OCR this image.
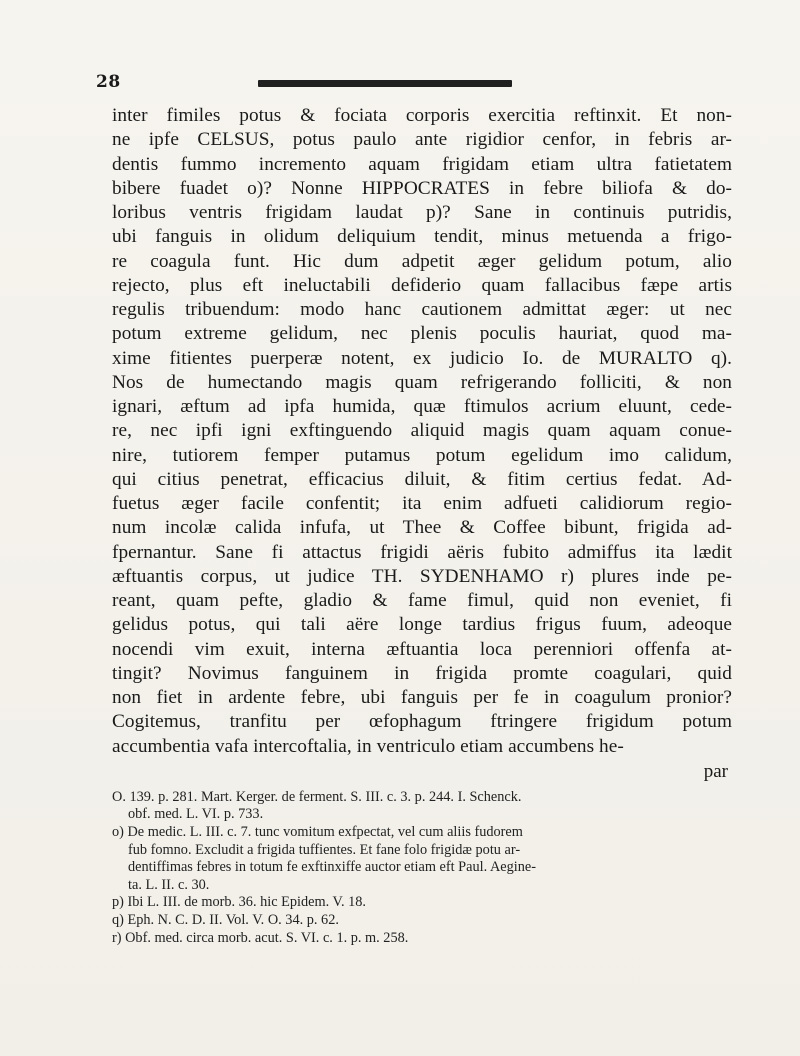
28
inter fimiles potus & fociata corporis exercitia reftinxit. Et non-
ne ipfe CELSUS, potus paulo ante rigidior cenfor, in febris ar-
dentis fummo incremento aquam frigidam etiam ultra fatietatem
bibere fuadet o)? Nonne HIPPOCRATES in febre biliofa & do-
loribus ventris frigidam laudat p)? Sane in continuis putridis,
ubi fanguis in olidum deliquium tendit, minus metuenda a frigo-
re coagula funt. Hic dum adpetit æger gelidum potum, alio
rejecto, plus eft ineluctabili defiderio quam fallacibus fæpe artis
regulis tribuendum: modo hanc cautionem admittat æger: ut nec
potum extreme gelidum, nec plenis poculis hauriat, quod ma-
xime fitientes puerperæ notent, ex judicio Io. de MURALTO q).
Nos de humectando magis quam refrigerando folliciti, & non
ignari, æftum ad ipfa humida, quæ ftimulos acrium eluunt, cede-
re, nec ipfi igni exftinguendo aliquid magis quam aquam conue-
nire, tutiorem femper putamus potum egelidum imo calidum,
qui citius penetrat, efficacius diluit, & fitim certius fedat. Ad-
fuetus æger facile confentit; ita enim adfueti calidiorum regio-
num incolæ calida infufa, ut Thee & Coffee bibunt, frigida ad-
fpernantur. Sane fi attactus frigidi aëris fubito admiffus ita lædit
æftuantis corpus, ut judice TH. SYDENHAMO r) plures inde pe-
reant, quam pefte, gladio & fame fimul, quid non eveniet, fi
gelidus potus, qui tali aëre longe tardius frigus fuum, adeoque
nocendi vim exuit, interna æftuantia loca perenniori offenfa at-
tingit? Novimus fanguinem in frigida promte coagulari, quid
non fiet in ardente febre, ubi fanguis per fe in coagulum pronior?
Cogitemus, tranfitu per œfophagum ftringere frigidum potum
accumbentia vafa intercoftalia, in ventriculo etiam accumbens he-
par
O. 139. p. 281. Mart. Kerger. de ferment. S. III. c. 3. p. 244. I. Schenck.
obf. med. L. VI. p. 733.
o) De medic. L. III. c. 7. tunc vomitum exfpectat, vel cum aliis fudorem
fub fomno. Excludit a frigida tuffientes. Et fane folo frigidæ potu ar-
dentiffimas febres in totum fe exftinxiffe auctor etiam eft Paul. Aegine-
ta. L. II. c. 30.
p) Ibi L. III. de morb. 36. hic Epidem. V. 18.
q) Eph. N. C. D. II. Vol. V. O. 34. p. 62.
r) Obf. med. circa morb. acut. S. VI. c. 1. p. m. 258.
